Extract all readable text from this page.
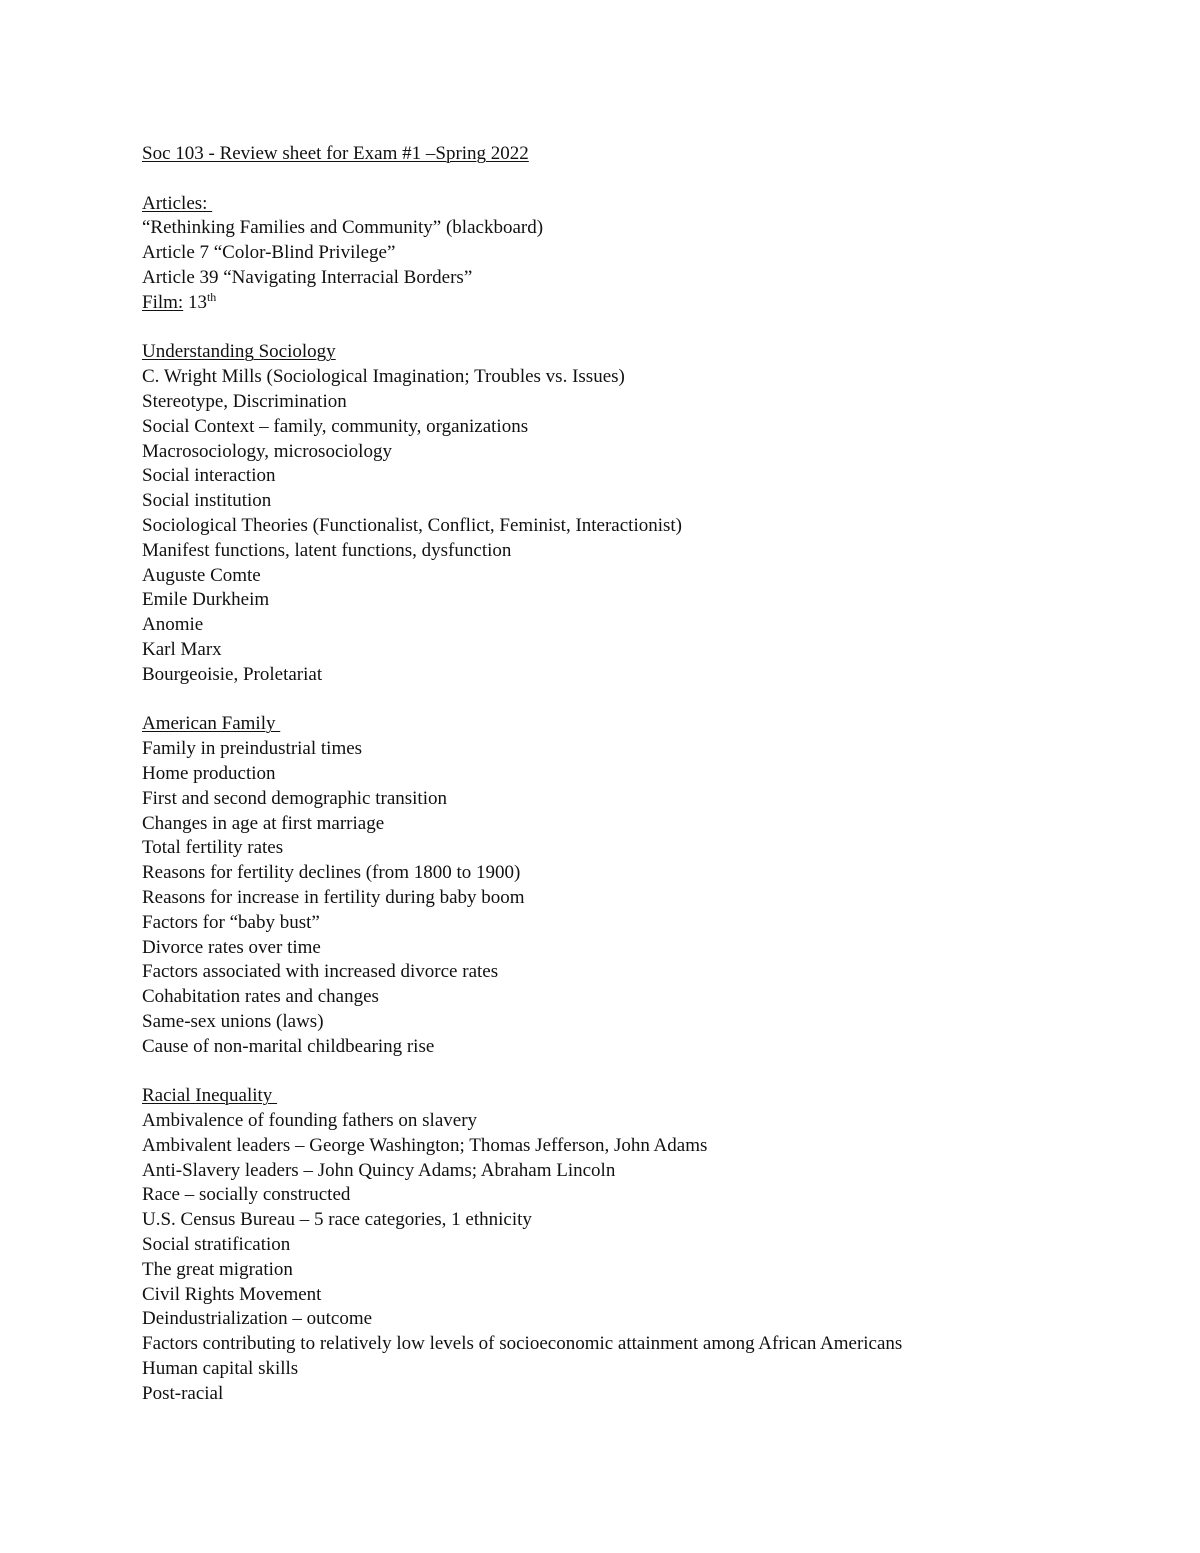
Soc 103 - Review sheet for Exam #1 –Spring 2022
Articles:
“Rethinking Families and Community” (blackboard)
Article 7 “Color-Blind Privilege”
Article 39 “Navigating Interracial Borders”
Film: 13th
Understanding Sociology
C. Wright Mills (Sociological Imagination; Troubles vs. Issues)
Stereotype, Discrimination
Social Context – family, community, organizations
Macrosociology, microsociology
Social interaction
Social institution
Sociological Theories (Functionalist, Conflict, Feminist, Interactionist)
Manifest functions, latent functions, dysfunction
Auguste Comte
Emile Durkheim
Anomie
Karl Marx
Bourgeoisie, Proletariat
American Family
Family in preindustrial times
Home production
First and second demographic transition
Changes in age at first marriage
Total fertility rates
Reasons for fertility declines (from 1800 to 1900)
Reasons for increase in fertility during baby boom
Factors for “baby bust”
Divorce rates over time
Factors associated with increased divorce rates
Cohabitation rates and changes
Same-sex unions (laws)
Cause of non-marital childbearing rise
Racial Inequality
Ambivalence of founding fathers on slavery
Ambivalent leaders – George Washington; Thomas Jefferson, John Adams
Anti-Slavery leaders – John Quincy Adams; Abraham Lincoln
Race – socially constructed
U.S. Census Bureau – 5 race categories, 1 ethnicity
Social stratification
The great migration
Civil Rights Movement
Deindustrialization – outcome
Factors contributing to relatively low levels of socioeconomic attainment among African Americans
Human capital skills
Post-racial
